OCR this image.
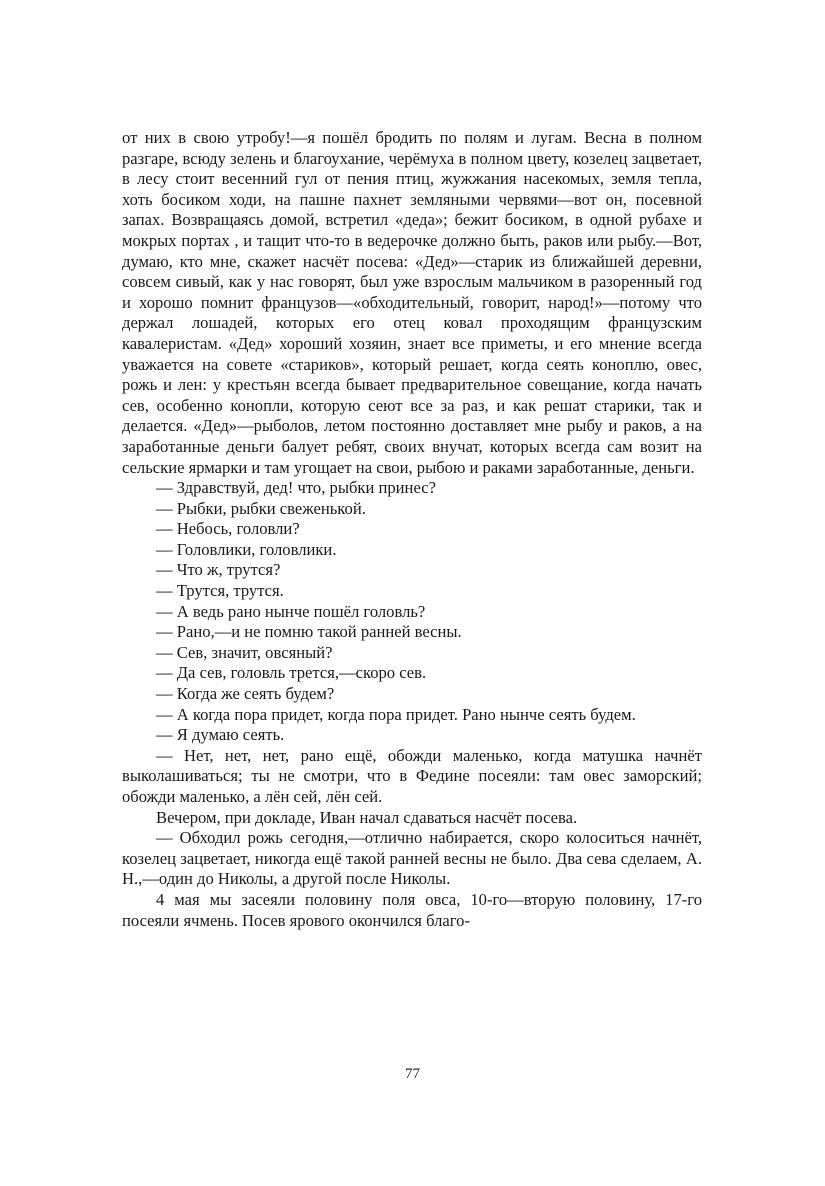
от них в свою утробу!—я пошёл бродить по полям и лугам. Весна в полном разгаре, всюду зелень и благоухание, черёмуха в полном цвету, козелец зацветает, в лесу стоит весенний гул от пения птиц, жужжания насекомых, земля тепла, хоть босиком ходи, на пашне пахнет земляными червями—вот он, посевной запах. Возвращаясь домой, встретил «деда»; бежит босиком, в одной рубахе и мокрых портах , и тащит что-то в ведерочке должно быть, раков или рыбу.—Вот, думаю, кто мне, скажет насчёт посева: «Дед»—старик из ближайшей деревни, совсем сивый, как у нас говорят, был уже взрослым мальчиком в разоренный год и хорошо помнит французов—«обходительный, говорит, народ!»—потому что держал лошадей, которых его отец ковал проходящим французским кавалеристам. «Дед» хороший хозяин, знает все приметы, и его мнение всегда уважается на совете «стариков», который решает, когда сеять коноплю, овес, рожь и лен: у крестьян всегда бывает предварительное совещание, когда начать сев, особенно конопли, которую сеют все за раз, и как решат старики, так и делается. «Дед»—рыболов, летом постоянно доставляет мне рыбу и раков, а на заработанные деньги балует ребят, своих внучат, которых всегда сам возит на сельские ярмарки и там угощает на свои, рыбою и раками заработанные, деньги.

— Здравствуй, дед! что, рыбки принес?

— Рыбки, рыбки свеженькой.

— Небось, головли?

— Головлики, головлики.

— Что ж, трутся?

— Трутся, трутся.

— А ведь рано нынче пошёл головль?

— Рано,—и не помню такой ранней весны.

— Сев, значит, овсяный?

— Да сев, головль трется,—скоро сев.

— Когда же сеять будем?

— А когда пора придет, когда пора придет. Рано нынче сеять будем.

— Я думаю сеять.

— Нет, нет, нет, рано ещё, обожди маленько, когда матушка начнёт выколашиваться; ты не смотри, что в Федине посеяли: там овес заморский; обожди маленько, а лён сей, лён сей.

Вечером, при докладе, Иван начал сдаваться насчёт посева.

— Обходил рожь сегодня,—отлично набирается, скоро колоситься начнёт, козелец зацветает, никогда ещё такой ранней весны не было. Два сева сделаем, А. Н.,—один до Николы, а другой после Николы.

4 мая мы засеяли половину поля овса, 10-го—вторую половину, 17-го посеяли ячмень. Посев ярового окончился благо-

77
